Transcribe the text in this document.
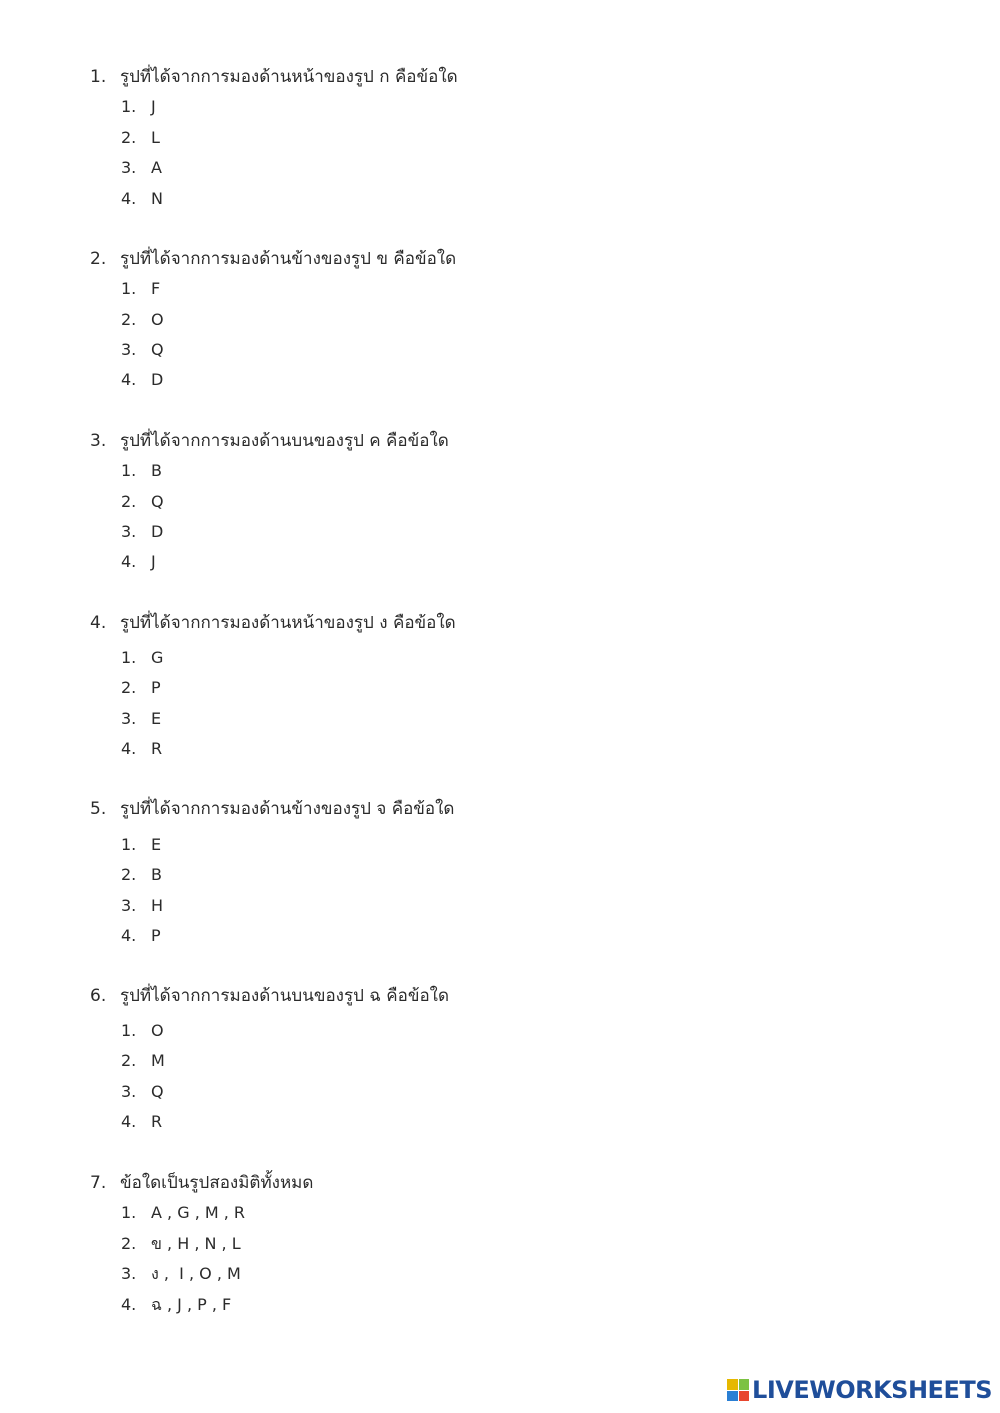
1. รูปที่ได้จากการมองด้านหน้าของรูป ก คือข้อใด
1. J
2. L
3. A
4. N
2. รูปที่ได้จากการมองด้านข้างของรูป ข คือข้อใด
1. F
2. O
3. Q
4. D
3. รูปที่ได้จากการมองด้านบนของรูป ค คือข้อใด
1. B
2. Q
3. D
4. J
4. รูปที่ได้จากการมองด้านหน้าของรูป ง คือข้อใด
1. G
2. P
3. E
4. R
5. รูปที่ได้จากการมองด้านข้างของรูป จ คือข้อใด
1. E
2. B
3. H
4. P
6. รูปที่ได้จากการมองด้านบนของรูป ฉ คือข้อใด
1. O
2. M
3. Q
4. R
7. ข้อใดเป็นรูปสองมิติทั้งหมด
1. A , G , M , R
2. ข , H , N , L
3. ง ,  I , O , M
4. ฉ , J , P , F
LIVEWORKSHEETS
